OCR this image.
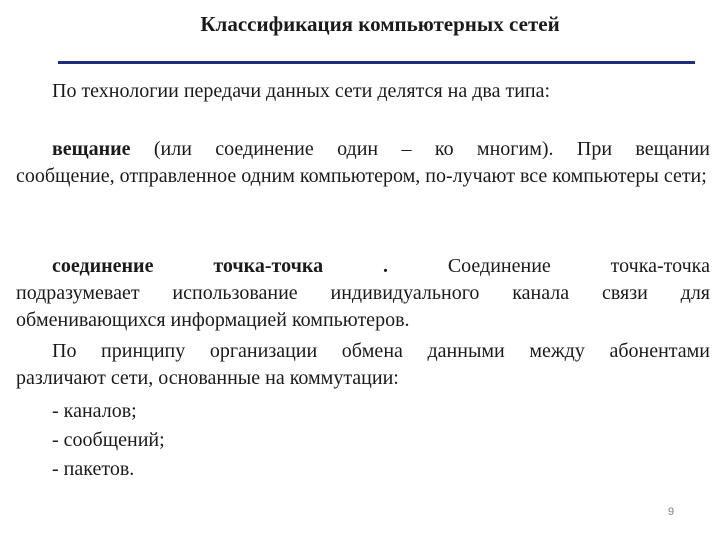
Классификация компьютерных сетей
По технологии передачи данных сети делятся на два типа:
вещание (или соединение один – ко многим). При вещании
сообщение, отправленное одним компьютером, по-лучают все компьютеры сети;
соединение	точка-точка	.	Соединение	точка-точка
подразумевает использование индивидуального канала связи для обменивающихся информацией компьютеров.
По принципу организации обмена данными между абонентами
различают сети, основанные на коммутации:
- каналов;
- сообщений;
- пакетов.
9
